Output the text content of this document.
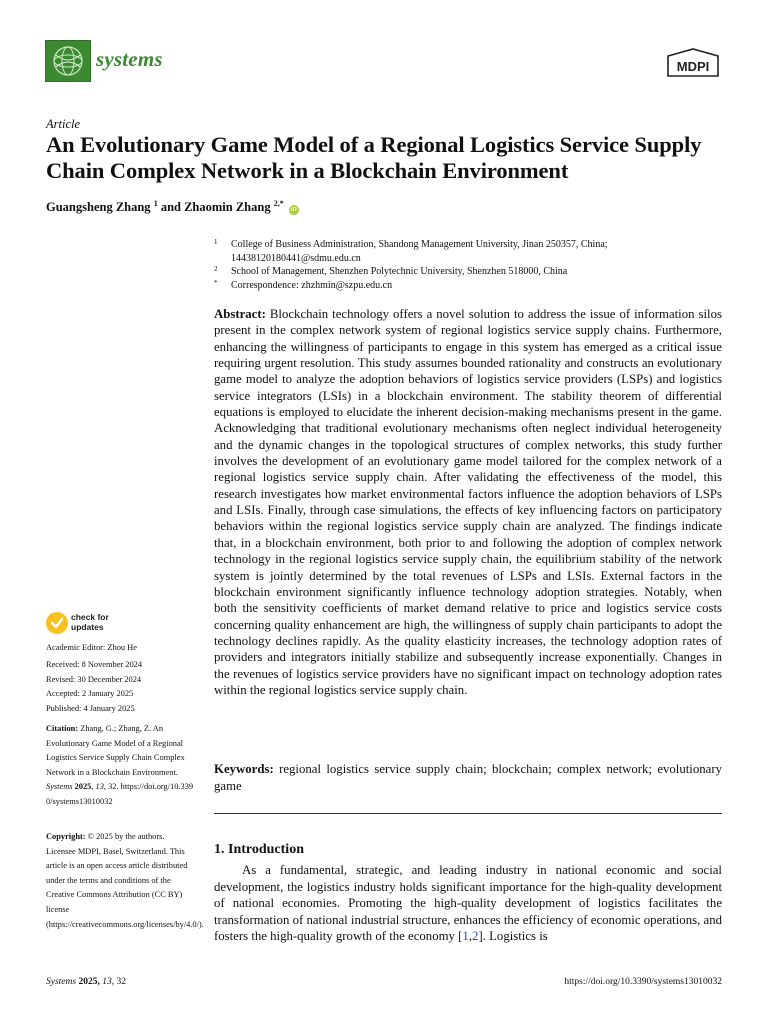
systems	MDPI
Article
An Evolutionary Game Model of a Regional Logistics Service Supply Chain Complex Network in a Blockchain Environment
Guangsheng Zhang $^1$ and Zhaomin Zhang $^{2,*}$ iD
1 College of Business Administration, Shandong Management University, Jinan 250357, China; 14438120180441@sdmu.edu.cn
2 School of Management, Shenzhen Polytechnic University, Shenzhen 518000, China
* Correspondence: zhzhmin@szpu.edu.cn

Abstract: Blockchain technology offers a novel solution to address the issue of information silos present in the complex network system of regional logistics service supply chains. Furthermore, enhancing the willingness of participants to engage in this system has emerged as a critical issue requiring urgent resolution. This study assumes bounded rationality and constructs an evolutionary game model to analyze the adoption behaviors of logistics service providers (LSPs) and logistics service integrators (LSIs) in a blockchain environment. The stability theorem of differential equations is employed to elucidate the inherent decision-making mechanisms present in the game. Acknowledging that traditional evolutionary mechanisms often neglect individual heterogeneity and the dynamic changes in the topological structures of complex networks, this study further involves the development of an evolutionary game model tailored for the complex network of a regional logistics service supply chain. After validating the effectiveness of the model, this research investigates how market environmental factors influence the adoption behaviors of LSPs and LSIs. Finally, through case simulations, the effects of key influencing factors on participatory behaviors within the regional logistics service supply chain are analyzed. The findings indicate that, in a blockchain environment, both prior to and following the adoption of complex network technology in the regional logistics service supply chain, the equilibrium stability of the network system is jointly determined by the total revenues of LSPs and LSIs. External factors in the blockchain environment significantly influence technology adoption strategies. Notably, when both the sensitivity coefficients of market demand relative to price and logistics service costs concerning quality enhancement are high, the willingness of supply chain participants to adopt the technology declines rapidly. As the quality elasticity increases, the technology adoption rates of providers and integrators initially stabilize and subsequently increase exponentially. Changes in the revenues of logistics service providers have no significant impact on technology adoption rates within the regional logistics service supply chain.

Keywords: regional logistics service supply chain; blockchain; complex network; evolutionary game

1. Introduction

As a fundamental, strategic, and leading industry in national economic and social development, the logistics industry holds significant importance for the high-quality development of national economies. Promoting the high-quality development of logistics facilitates the transformation of national industrial structure, enhances the efficiency of economic operations, and fosters the high-quality growth of the economy [1,2]. Logistics is

check for
updates

Academic Editor: Zhou He

Received: 8 November 2024

Revised: 30 December 2024

Accepted: 2 January 2025

Published: 4 January 2025

Citation: Zhang, G.; Zhang, Z. An Evolutionary Game Model of a Regional Logistics Service Supply Chain Complex Network in a Blockchain Environment. Systems 2025, 13, 32. https://doi.org/10.3390/systems13010032

Copyright: © 2025 by the authors. Licensee MDPI, Basel, Switzerland. This article is an open access article distributed under the terms and conditions of the Creative Commons Attribution (CC BY) license (https://creativecommons.org/licenses/by/4.0/).

Systems 2025, 13, 32	https://doi.org/10.3390/systems13010032
